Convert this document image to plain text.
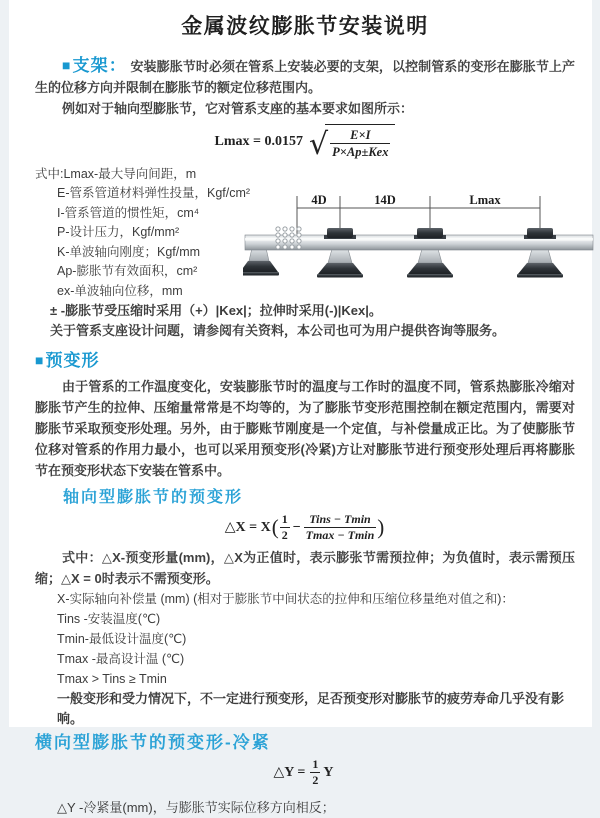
金属波纹膨胀节安装说明

■支架： 安装膨胀节时必须在管系上安装必要的支架，以控制管系的变形在膨胀节上产生的位移方向并限制在膨胀节的额定位移范围内。

例如对于轴向型膨胀节，它对管系支座的基本要求如图所示：

Lmax = 0.0157 √ $\frac{E\times I}{\text{P×Ap±Kex}}$
式中:Lmax-最大导向间距，m
E-管系管道材料弹性投量，Kgf/cm²
I-管系管道的惯性矩，cm⁴
P-设计压力，Kgf/mm²
K-单波轴向刚度；Kgf/mm
Ap-膨胀节有效面积，cm²
ex-单波轴向位移，mm
± -膨胀节受压缩时采用（+）|Kex|；拉伸时采用(-)|Kex|。
关于管系支座设计问题，请参阅有关资料，本公司也可为用户提供咨询等服务。
■预变形

由于管系的工作温度变化，安装膨胀节时的温度与工作时的温度不同，管系热膨胀冷缩对膨胀节产生的拉伸、压缩量常常是不均等的，为了膨胀节变形范围控制在额定范围内，需要对膨胀节采取预变形处理。另外，由于膨账节刚度是一个定值，与补偿量成正比。为了使膨胀节位移对管系的作用力最小，也可以采用预变形(冷紧)方让对膨胀节进行预变形处理后再将膨胀节在预变形状态下安装在管系中。

轴向型膨胀节的预变形
△X = X ( $\frac{1}{2} - \frac{\text{Tins − Tmin}}{Tmax - Tmin}$ )

式中：△X-预变形量(mm)，△X为正值时，表示膨张节需预拉伸；为负值时，表示需预压缩；△X = 0时表示不需预变形。

X-实际轴向补偿量 (mm) (相对于膨胀节中间状态的拉伸和压缩位移量绝对值之和)：
Tins -安装温度(℃)
Tmin-最低设计温度(℃)
Tmax -最高设计温 (℃)
Tmax > Tins ≥ Tmin
一般变形和受力情况下，不一定进行预变形，足否预变形对膨胀节的疲劳寿命几乎没有影响。
横向型膨胀节的预变形-冷紧
△Y = $\frac{1}{2}$ Y
△Y -冷紧量(mm)，与膨胀节实际位移方向相反；
4D	14D	Lmax
